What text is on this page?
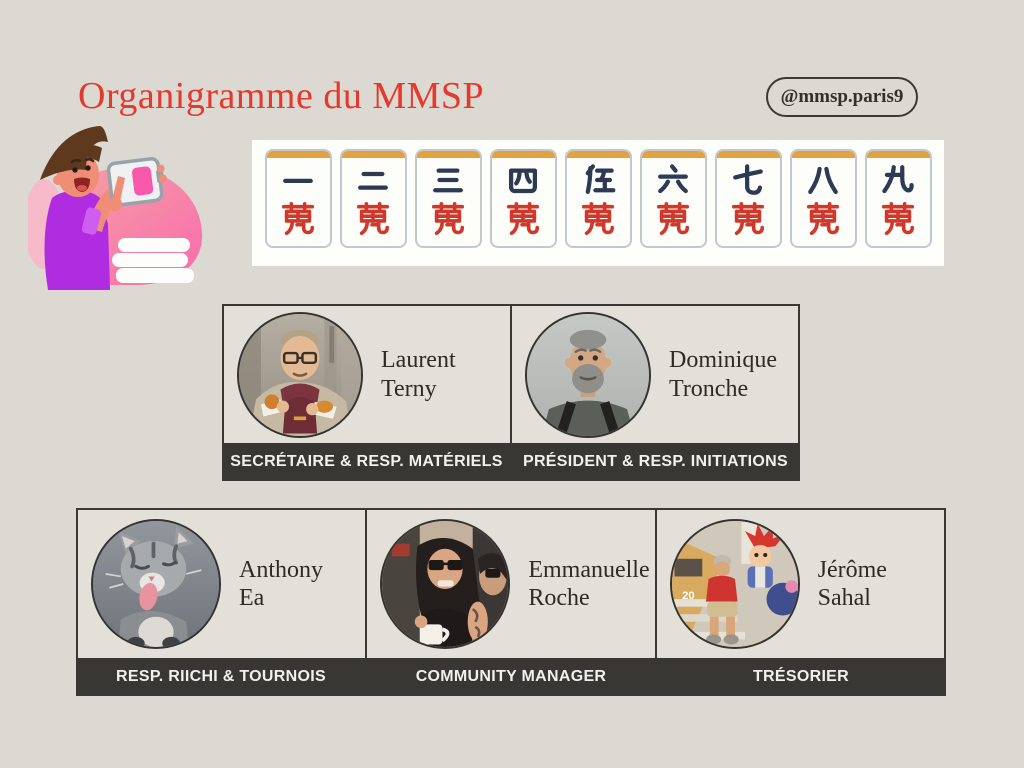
Organigramme du MMSP	@mmsp.paris9
Laurent
Terny
Dominique
Tronche
SECRÉTAIRE & RESP. MATÉRIELS	PRÉSIDENT & RESP. INITIATIONS
Anthony
Ea
Emmanuelle
Roche	20
Jérôme
Sahal
RESP. RIICHI & TOURNOIS	COMMUNITY MANAGER	TRÉSORIER
